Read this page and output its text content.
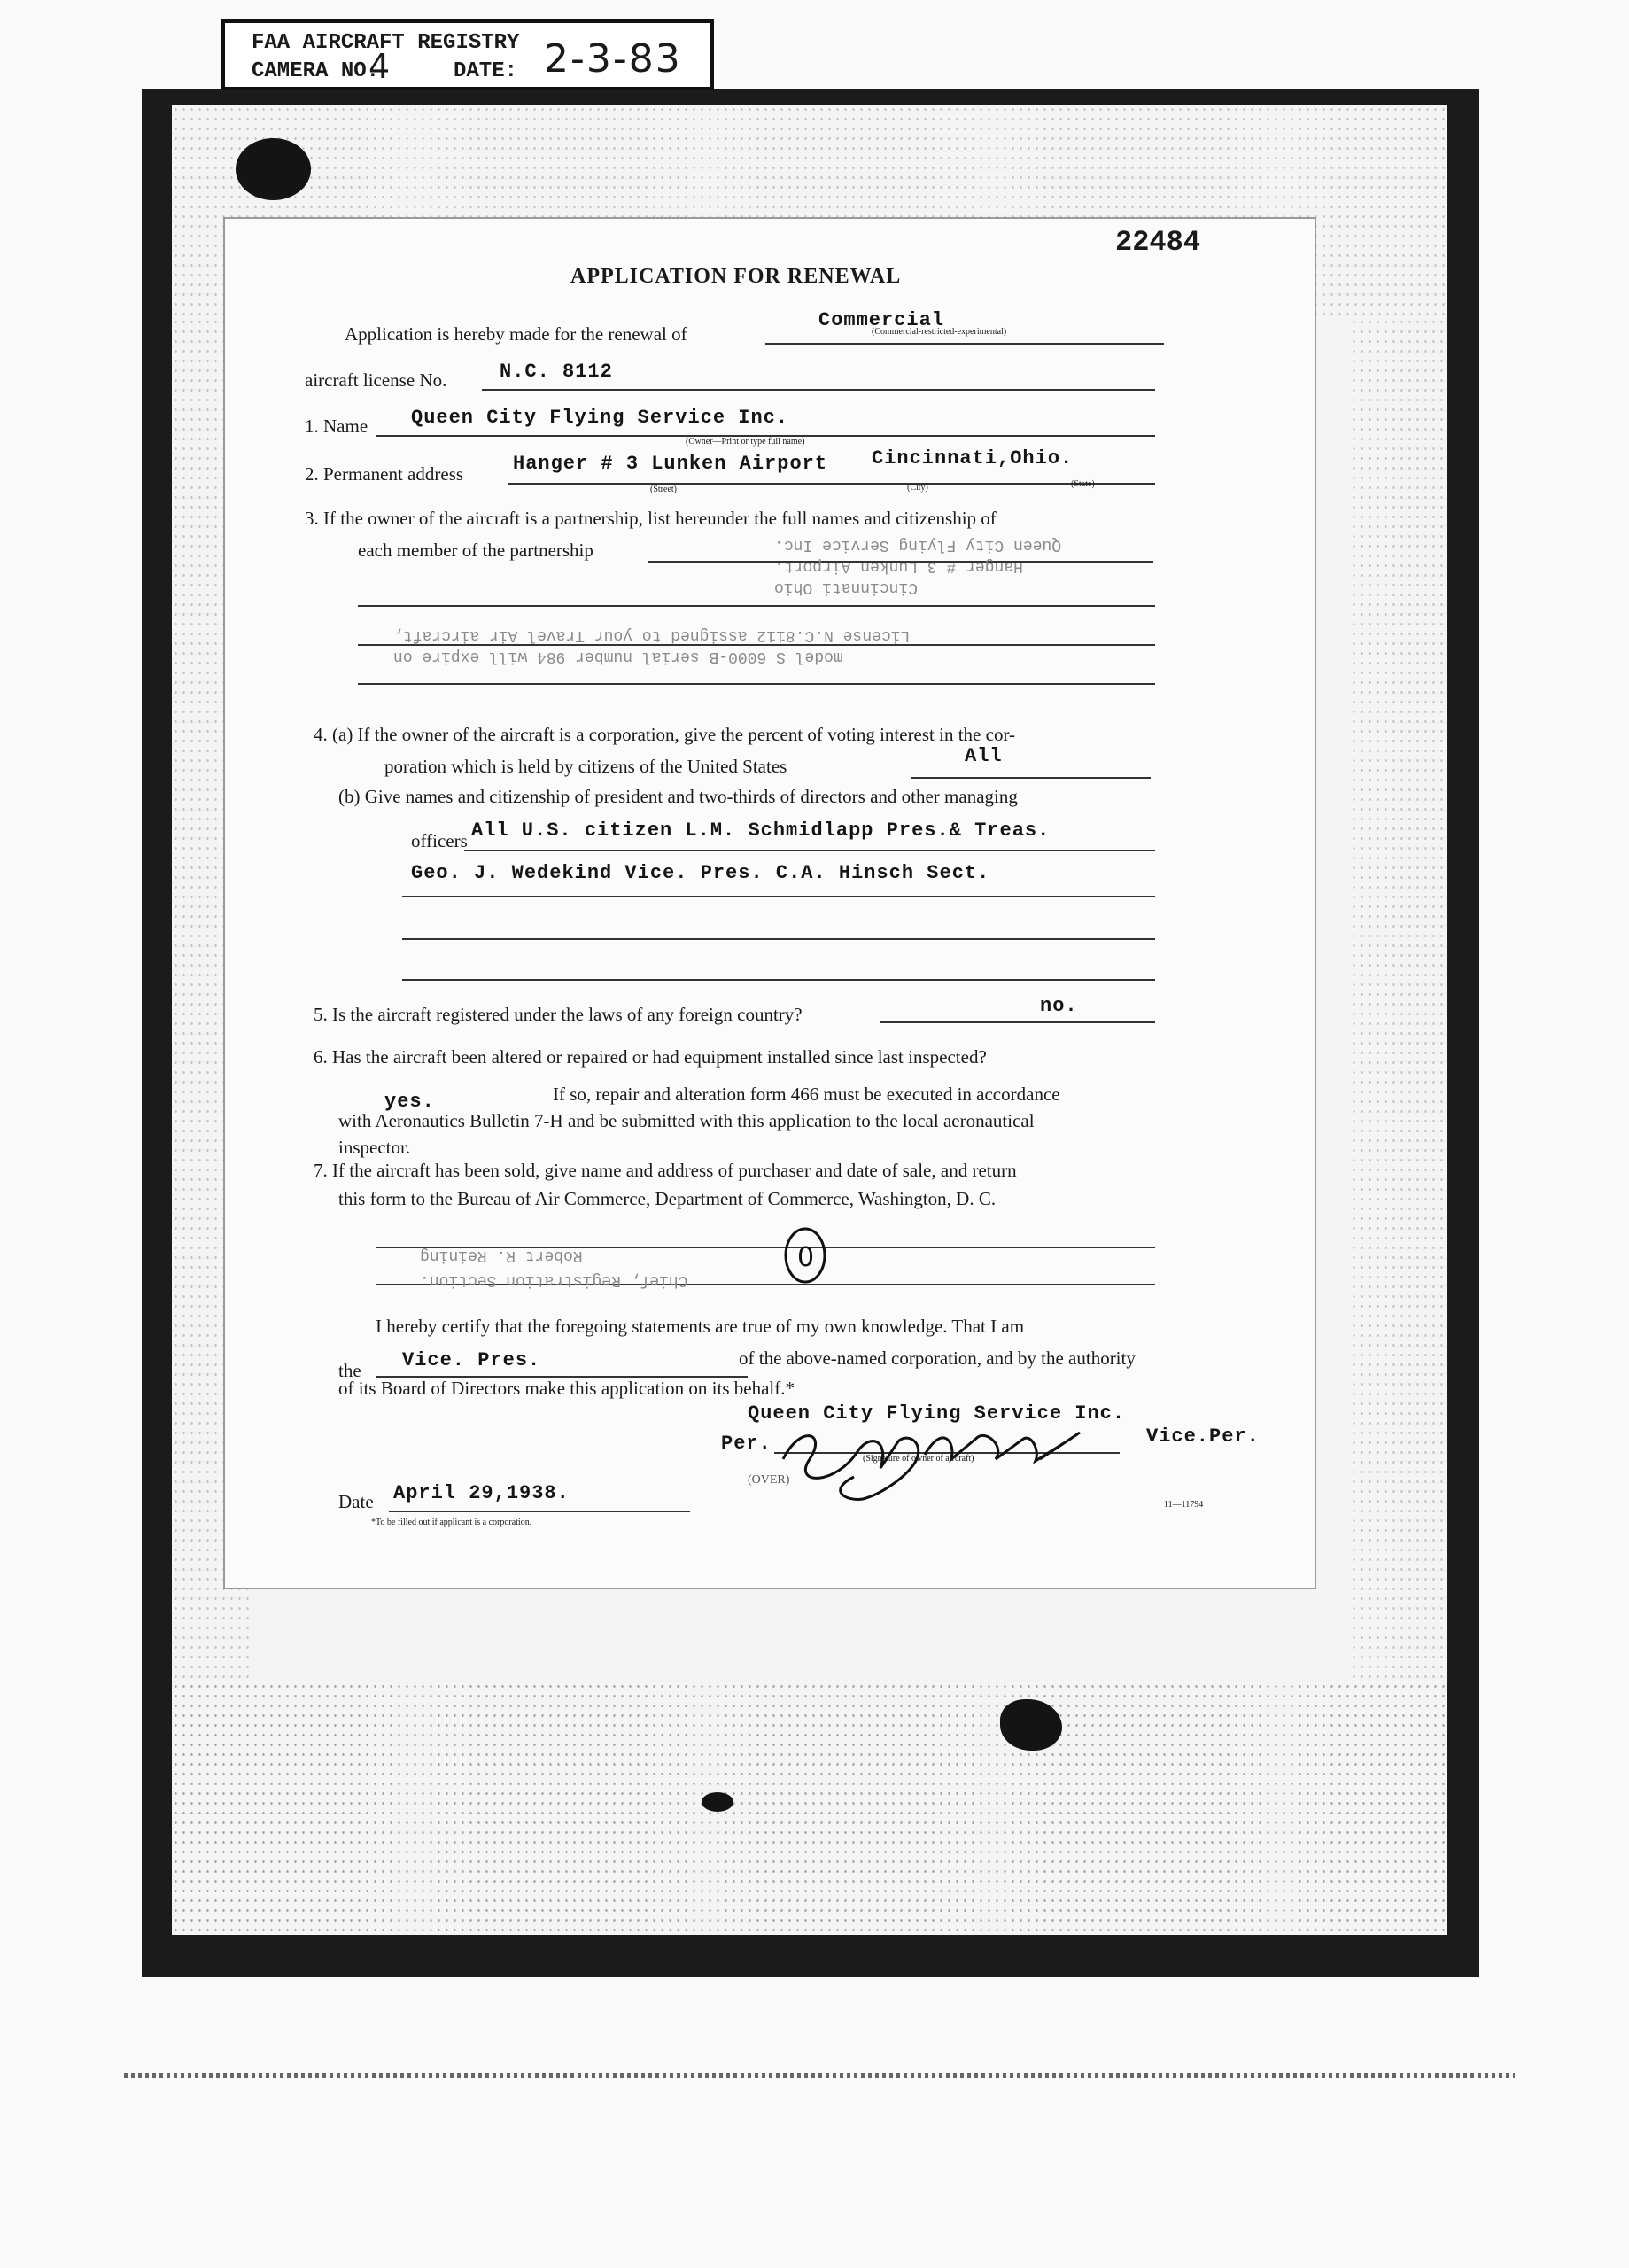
FAA AIRCRAFT REGISTRY
CAMERA NO.
4	DATE: 2-3-83
22484
APPLICATION FOR RENEWAL
Application is hereby made for the renewal of
Commercial
(Commercial-restricted-experimental)
aircraft license No.	N.C. 8112
1. Name Queen City Flying Service Inc.
(Owner—Print or type full name)
2. Permanent address	Hanger # 3 Lunken Airport Cincinnati,Ohio.
(Street)	(City)	(State)
3. If the owner of the aircraft is a partnership, list hereunder the full names and citizenship of
each member of the partnership	Queen City Flying Service Inc.
Hanger # 3 Lunken Airport.
Cincinnati Ohio
License N.C.8112 assigned to your Travel Air aircraft,
model S 6000-B serial number 984 will expire on
4. (a) If the owner of the aircraft is a corporation, give the percent of voting interest in the cor-
poration which is held by citizens of the United States	All
(b) Give names and citizenship of president and two-thirds of directors and other managing
officers All U.S. citizen L.M. Schmidlapp Pres.& Treas.
Geo. J. Wedekind Vice. Pres. C.A. Hinsch Sect.
5. Is the aircraft registered under the laws of any foreign country?	no.
6. Has the aircraft been altered or repaired or had equipment installed since last inspected?
yes.	If so, repair and alteration form 466 must be executed in accordance
with Aeronautics Bulletin 7-H and be submitted with this application to the local aeronautical
inspector.
7. If the aircraft has been sold, give name and address of purchaser and date of sale, and return
this form to the Bureau of Air Commerce, Department of Commerce, Washington, D. C.
0
Robert R. Reining
Chief, Registration Section.
I hereby certify that the foregoing statements are true of my own knowledge. That I am
the Vice. Pres.	of the above-named corporation, and by the authority
of its Board of Directors make this application on its behalf.*
Queen City Flying Service Inc.
Per.	Vice.Per.
(Signature of owner of aircraft)
(OVER)
Date April 29,1938.
*To be filled out if applicant is a corporation.
11—11794
